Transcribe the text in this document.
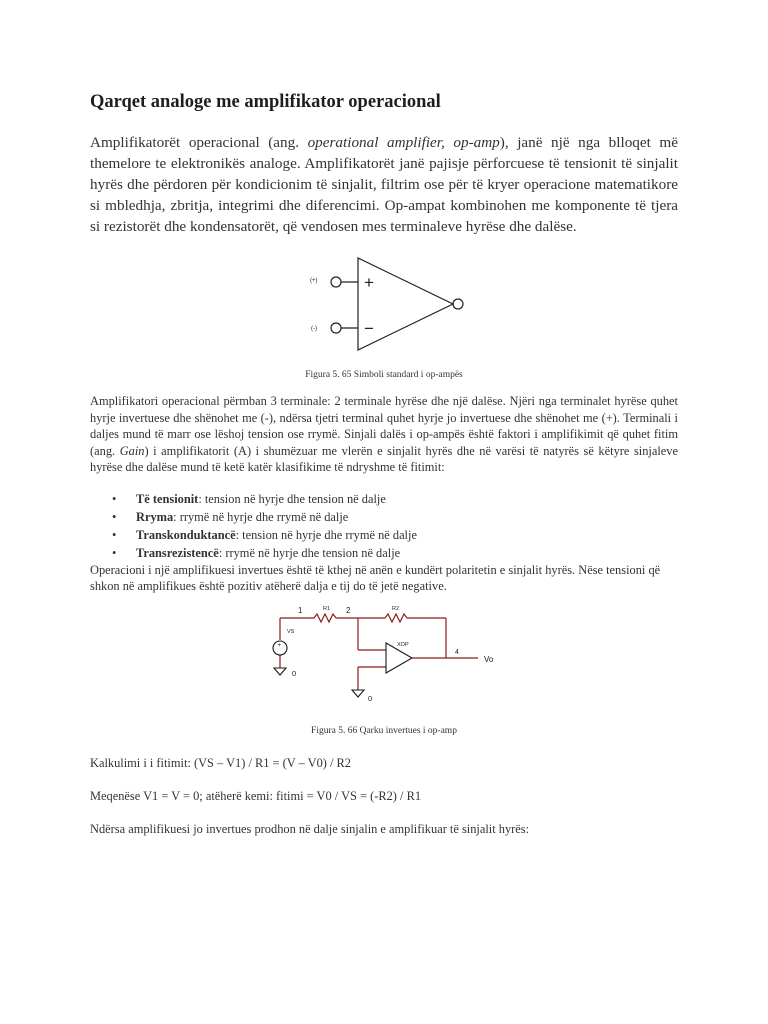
Qarqet analoge me amplifikator operacional

Amplifikatorët operacional (ang. operational amplifier, op-amp), janë një nga blloqet më themelore te elektronikës analoge. Amplifikatorët janë pajisje përforcuese të tensionit të sinjalit hyrës dhe përdoren për kondicionim të sinjalit, filtrim ose për të kryer operacione matematikore si mbledhja, zbritja, integrimi dhe diferencimi. Op-ampat kombinohen me komponente të tjera si rezistorët dhe kondensatorët, që vendosen mes terminaleve hyrëse dhe dalëse.

(+)
(-)
+
−

Figura 5. 65 Simboli standard i op-ampës

Amplifikatori operacional përmban 3 terminale: 2 terminale hyrëse dhe një dalëse. Njëri nga terminalet hyrëse quhet hyrje invertuese dhe shënohet me (-), ndërsa tjetri terminal quhet hyrje jo invertuese dhe shënohet me (+). Terminali i daljes mund të marr ose lëshoj tension ose rrymë. Sinjali dalës i op-ampës është faktori i amplifikimit që quhet fitim (ang. Gain) i amplifikatorit (A) i shumëzuar me vlerën e sinjalit hyrës dhe në varësi të natyrës së këtyre sinjaleve hyrëse dhe dalëse mund të ketë katër klasifikime të ndryshme të fitimit:

• Të tensionit: tension në hyrje dhe tension në dalje
• Rryma: rrymë në hyrje dhe rrymë në dalje
• Transkonduktancë: tension në hyrje dhe rrymë në dalje
• Transrezistencë: rrymë në hyrje dhe tension në dalje

Operacioni i një amplifikuesi invertues është të kthej në anën e kundërt polaritetin e sinjalit hyrës. Nëse tensioni që shkon në amplifikues është pozitiv atëherë dalja e tij do të jetë negative.

+
1	2
4
R1	R2
VS
XOP
Vo
0
0

Figura 5. 66 Qarku invertues i op-amp

Kalkulimi i i fitimit: (VS – V1) / R1 = (V – V0) / R2

Meqenëse V1 = V = 0; atëherë kemi: fitimi = V0 / VS = (-R2) / R1

Ndërsa amplifikuesi jo invertues prodhon në dalje sinjalin e amplifikuar të sinjalit hyrës:
